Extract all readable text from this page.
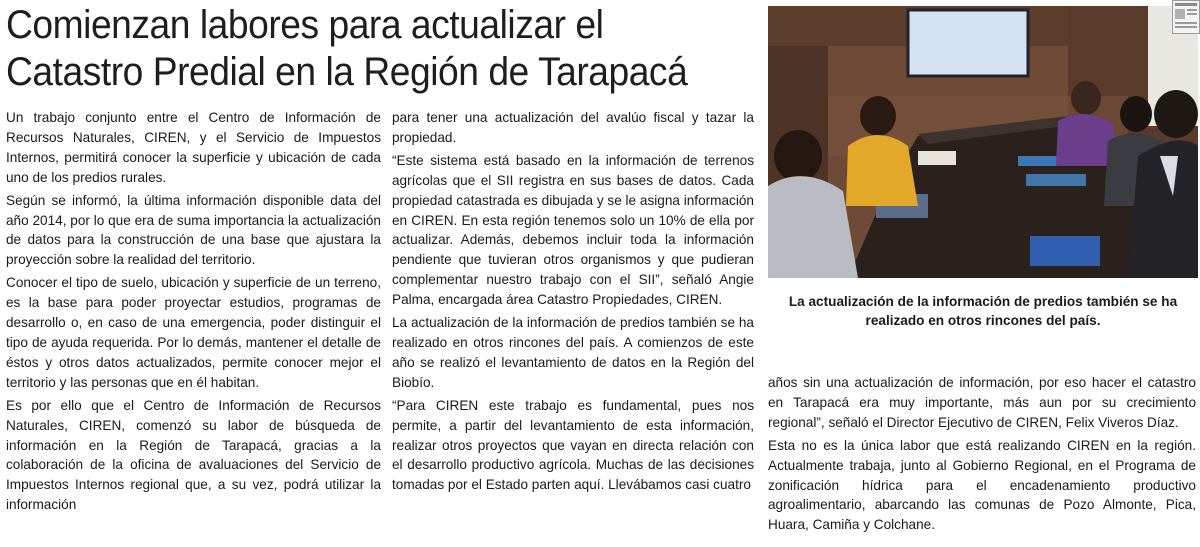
Comienzan labores para actualizar el
Catastro Predial en la Región de Tarapacá

Un trabajo conjunto entre el Centro de Información de Recursos Naturales, CIREN, y el Servicio de Impuestos Internos, permitirá conocer la superficie y ubicación de cada uno de los predios rurales.

Según se informó, la última información disponible data del año 2014, por lo que era de suma importancia la actualización de datos para la construcción de una base que ajustara la proyección sobre la realidad del territorio.

Conocer el tipo de suelo, ubicación y superficie de un terreno, es la base para poder proyectar estudios, programas de desarrollo o, en caso de una emergencia, poder distinguir el tipo de ayuda requerida. Por lo demás, mantener el detalle de éstos y otros datos actualizados, permite conocer mejor el territorio y las personas que en él habitan.

Es por ello que el Centro de Información de Recursos Naturales, CIREN, comenzó su labor de búsqueda de información en la Región de Tarapacá, gracias a la colaboración de la oficina de avaluaciones del Servicio de Impuestos Internos regional que, a su vez, podrá utilizar la información

para tener una actualización del avalúo fiscal y tazar la propiedad.

“Este sistema está basado en la información de terrenos agrícolas que el SII registra en sus bases de datos. Cada propiedad catastrada es dibujada y se le asigna información en CIREN. En esta región tenemos solo un 10% de ella por actualizar. Además, debemos incluir toda la información pendiente que tuvieran otros organismos y que pudieran complementar nuestro trabajo con el SII”, señaló Angie Palma, encargada área Catastro Propiedades, CIREN.

La actualización de la información de predios también se ha realizado en otros rincones del país. A comienzos de este año se realizó el levantamiento de datos en la Región del Biobío.

“Para CIREN este trabajo es fundamental, pues nos permite, a partir del levantamiento de esta información, realizar otros proyectos que vayan en directa relación con el desarrollo productivo agrícola. Muchas de las decisiones tomadas por el Estado parten aquí. Llevábamos casi cuatro

La actualización de la información de predios también se ha
realizado en otros rincones del país.

años sin una actualización de información, por eso hacer el catastro en Tarapacá era muy importante, más aun por su crecimiento regional”, señaló el Director Ejecutivo de CIREN, Felix Viveros Díaz.

Esta no es la única labor que está realizando CIREN en la región. Actualmente trabaja, junto al Gobierno Regional, en el Programa de zonificación hídrica para el encadenamiento productivo agroalimentario, abarcando las comunas de Pozo Almonte, Pica, Huara, Camiña y Colchane.
